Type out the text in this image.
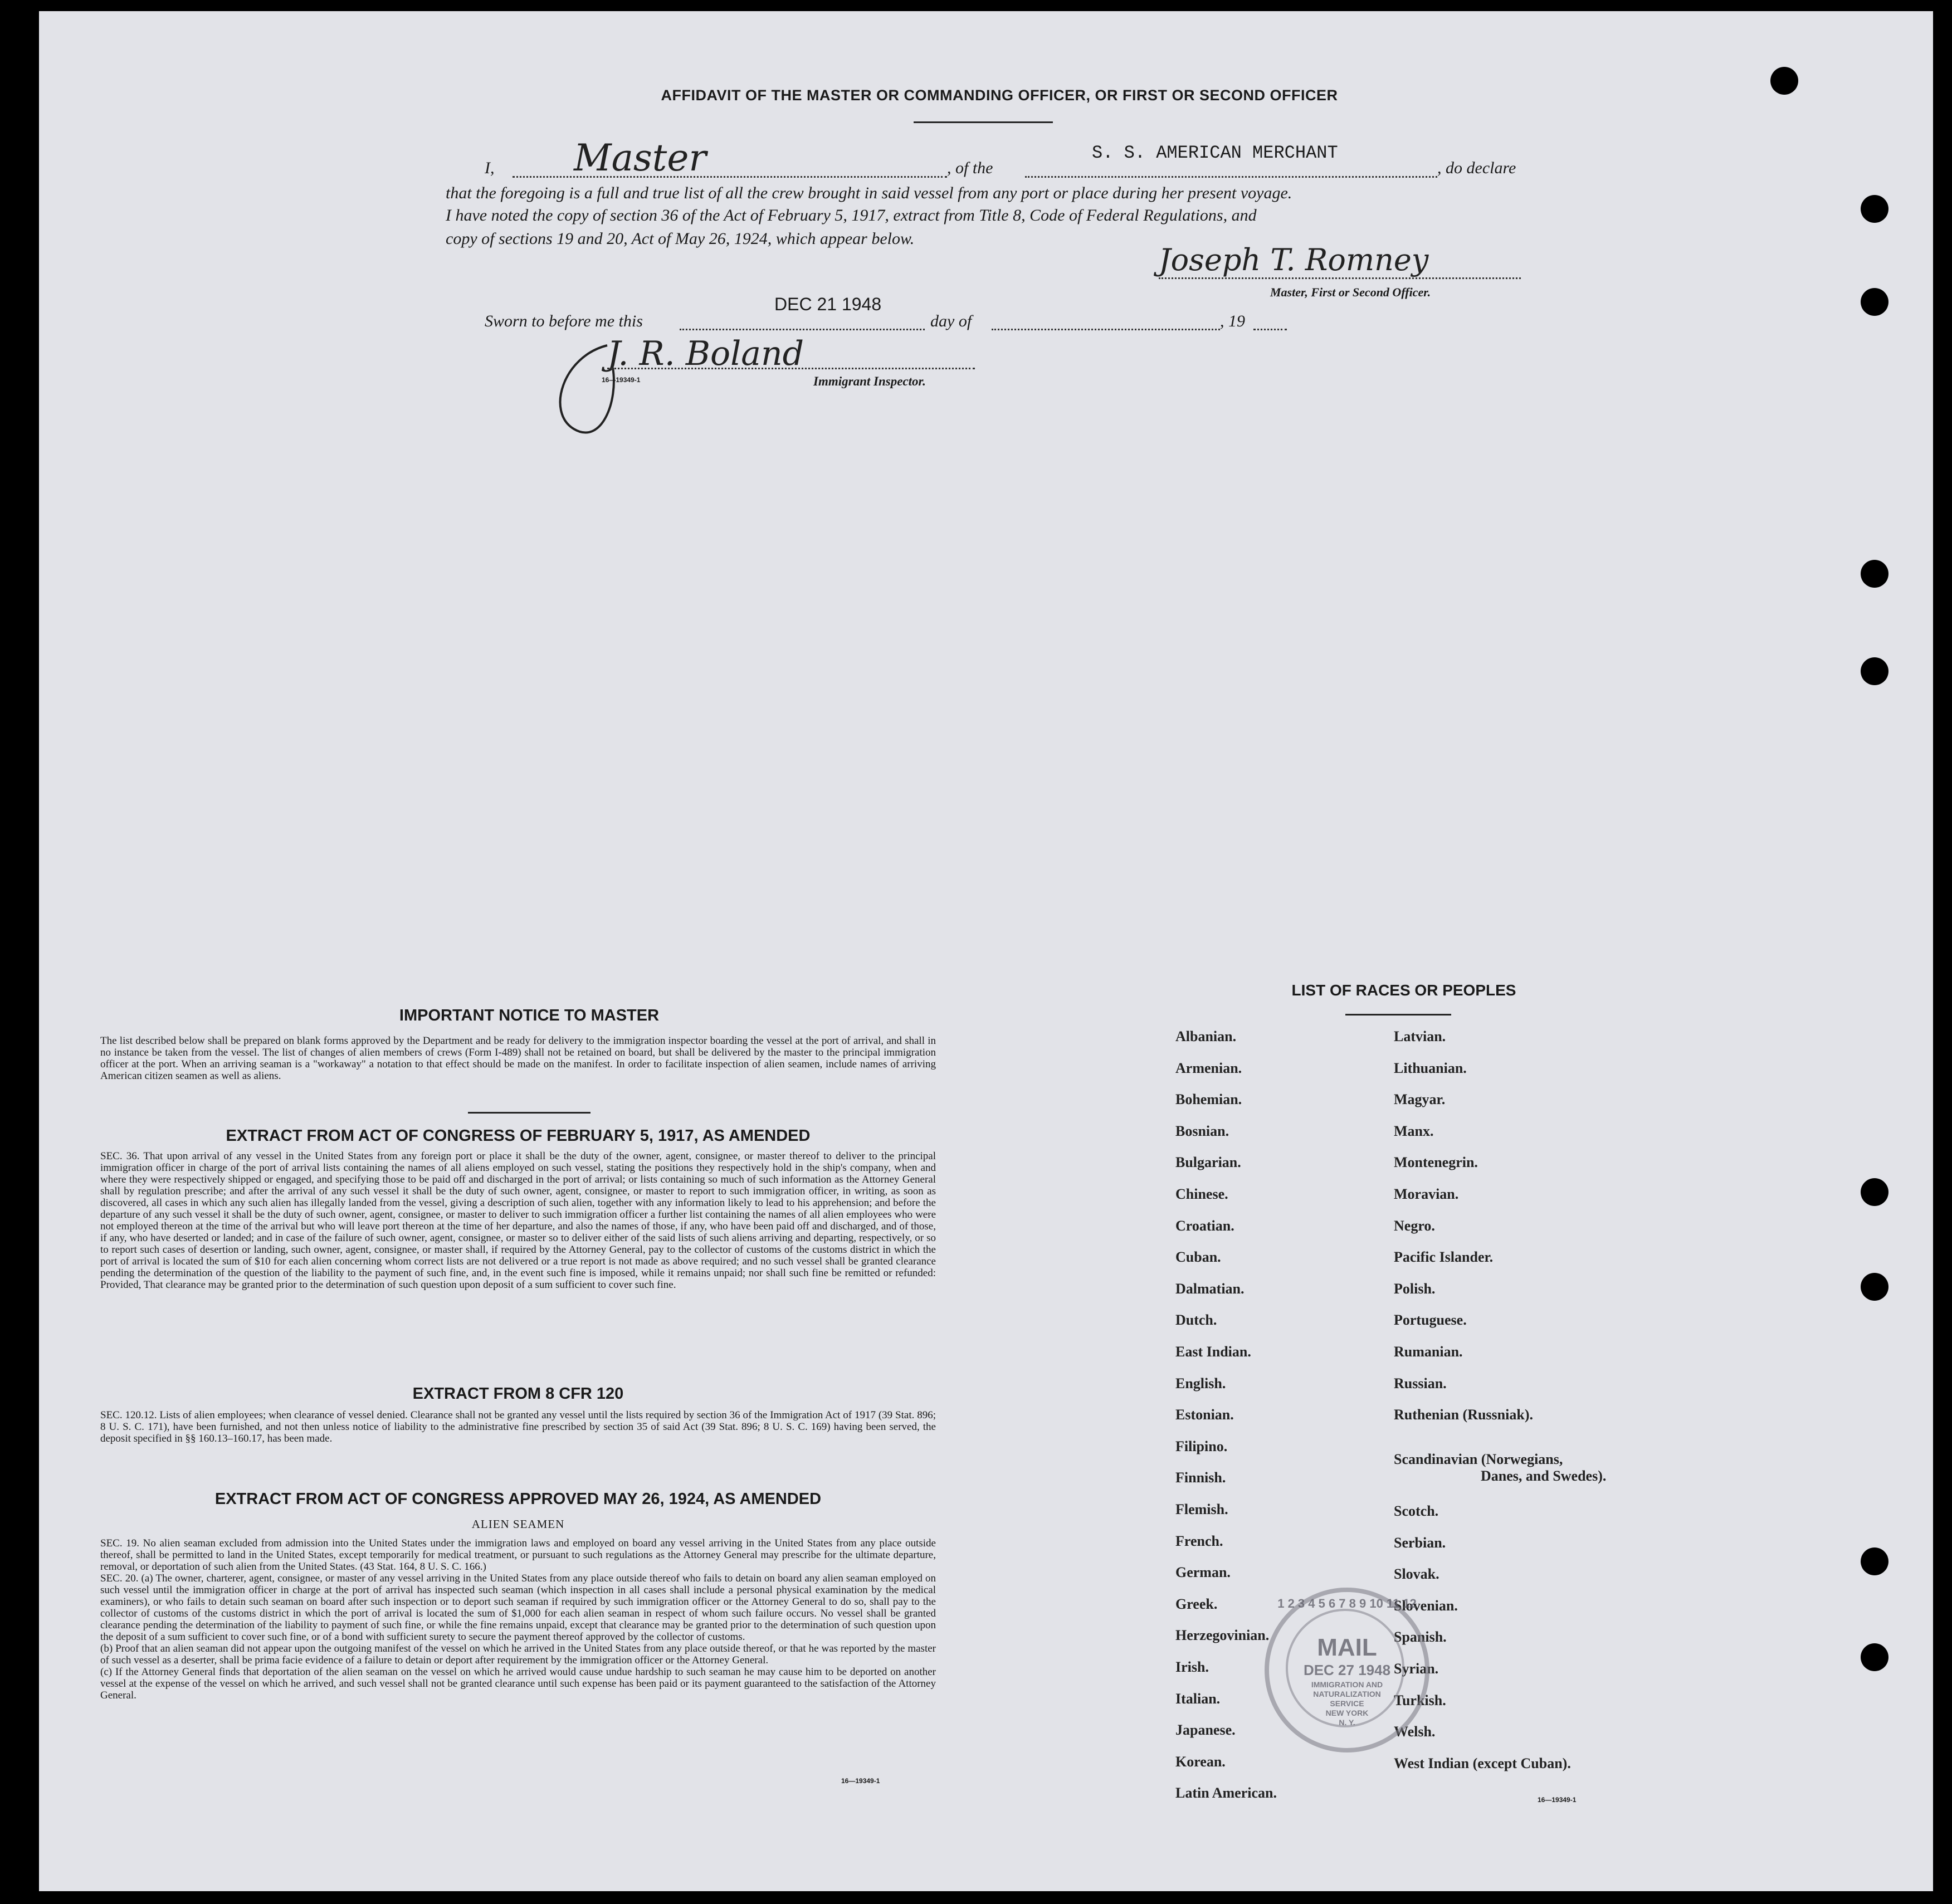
AFFIDAVIT OF THE MASTER OR COMMANDING OFFICER, OR FIRST OR SECOND OFFICER
I, Master	, of the
S. S. AMERICAN MERCHANT
, do declare
that the foregoing is a full and true list of all the crew brought in said vessel from any port or place during her present voyage.
I have noted the copy of section 36 of the Act of February 5, 1917, extract from Title 8, Code of Federal Regulations, and
copy of sections 19 and 20, Act of May 26, 1924, which appear below.
Joseph T. Romney
Master, First or Second Officer.
Sworn to before me this
DEC 21 1948
day of	, 19
J. R. Boland
16—19349-1	Immigrant Inspector.
IMPORTANT NOTICE TO MASTER

The list described below shall be prepared on blank forms approved by the Department and be ready for delivery to the immigration inspector boarding the vessel at the port of arrival, and shall in no instance be taken from the vessel. The list of changes of alien members of crews (Form I-489) shall not be retained on board, but shall be delivered by the master to the principal immigration officer at the port. When an arriving seaman is a "workaway" a notation to that effect should be made on the manifest. In order to facilitate inspection of alien seamen, include names of arriving American citizen seamen as well as aliens.

EXTRACT FROM ACT OF CONGRESS OF FEBRUARY 5, 1917, AS AMENDED

SEC. 36. That upon arrival of any vessel in the United States from any foreign port or place it shall be the duty of the owner, agent, consignee, or master thereof to deliver to the principal immigration officer in charge of the port of arrival lists containing the names of all aliens employed on such vessel, stating the positions they respectively hold in the ship's company, when and where they were respectively shipped or engaged, and specifying those to be paid off and discharged in the port of arrival; or lists containing so much of such information as the Attorney General shall by regulation prescribe; and after the arrival of any such vessel it shall be the duty of such owner, agent, consignee, or master to report to such immigration officer, in writing, as soon as discovered, all cases in which any such alien has illegally landed from the vessel, giving a description of such alien, together with any information likely to lead to his apprehension; and before the departure of any such vessel it shall be the duty of such owner, agent, consignee, or master to deliver to such immigration officer a further list containing the names of all alien employees who were not employed thereon at the time of the arrival but who will leave port thereon at the time of her departure, and also the names of those, if any, who have been paid off and discharged, and of those, if any, who have deserted or landed; and in case of the failure of such owner, agent, consignee, or master so to deliver either of the said lists of such aliens arriving and departing, respectively, or so to report such cases of desertion or landing, such owner, agent, consignee, or master shall, if required by the Attorney General, pay to the collector of customs of the customs district in which the port of arrival is located the sum of $10 for each alien concerning whom correct lists are not delivered or a true report is not made as above required; and no such vessel shall be granted clearance pending the determination of the question of the liability to the payment of such fine, and, in the event such fine is imposed, while it remains unpaid; nor shall such fine be remitted or refunded: Provided, That clearance may be granted prior to the determination of such question upon deposit of a sum sufficient to cover such fine.

EXTRACT FROM 8 CFR 120

SEC. 120.12. Lists of alien employees; when clearance of vessel denied. Clearance shall not be granted any vessel until the lists required by section 36 of the Immigration Act of 1917 (39 Stat. 896; 8 U. S. C. 171), have been furnished, and not then unless notice of liability to the administrative fine prescribed by section 35 of said Act (39 Stat. 896; 8 U. S. C. 169) having been served, the deposit specified in §§ 160.13–160.17, has been made.

EXTRACT FROM ACT OF CONGRESS APPROVED MAY 26, 1924, AS AMENDED
ALIEN SEAMEN

SEC. 19. No alien seaman excluded from admission into the United States under the immigration laws and employed on board any vessel arriving in the United States from any place outside thereof, shall be permitted to land in the United States, except temporarily for medical treatment, or pursuant to such regulations as the Attorney General may prescribe for the ultimate departure, removal, or deportation of such alien from the United States. (43 Stat. 164, 8 U. S. C. 166.)

SEC. 20. (a) The owner, charterer, agent, consignee, or master of any vessel arriving in the United States from any place outside thereof who fails to detain on board any alien seaman employed on such vessel until the immigration officer in charge at the port of arrival has inspected such seaman (which inspection in all cases shall include a personal physical examination by the medical examiners), or who fails to detain such seaman on board after such inspection or to deport such seaman if required by such immigration officer or the Attorney General to do so, shall pay to the collector of customs of the customs district in which the port of arrival is located the sum of $1,000 for each alien seaman in respect of whom such failure occurs. No vessel shall be granted clearance pending the determination of the liability to payment of such fine, or while the fine remains unpaid, except that clearance may be granted prior to the determination of such question upon the deposit of a sum sufficient to cover such fine, or of a bond with sufficient surety to secure the payment thereof approved by the collector of customs.

(b) Proof that an alien seaman did not appear upon the outgoing manifest of the vessel on which he arrived in the United States from any place outside thereof, or that he was reported by the master of such vessel as a deserter, shall be prima facie evidence of a failure to detain or deport after requirement by the immigration officer or the Attorney General.

(c) If the Attorney General finds that deportation of the alien seaman on the vessel on which he arrived would cause undue hardship to such seaman he may cause him to be deported on another vessel at the expense of the vessel on which he arrived, and such vessel shall not be granted clearance until such expense has been paid or its payment guaranteed to the satisfaction of the Attorney General.

16—19349-1
LIST OF RACES OR PEOPLES
Albanian.
Armenian.
Bohemian.
Bosnian.
Bulgarian.
Chinese.
Croatian.
Cuban.
Dalmatian.
Dutch.
East Indian.
English.
Estonian.
Filipino.
Finnish.
Flemish.
French.
German.
Greek.
Herzegovinian.
Irish.
Italian.
Japanese.
Korean.
Latin American.
Latvian.
Lithuanian.
Magyar.
Manx.
Montenegrin.
Moravian.
Negro.
Pacific Islander.
Polish.
Portuguese.
Rumanian.
Russian.
Ruthenian (Russniak).
Scandinavian (Norwegians,
Danes, and Swedes).
Scotch.
Serbian.
Slovak.
Slovenian.
Spanish.
Syrian.
Turkish.
Welsh.
West Indian (except Cuban).
16—19349-1
1 2 3 4 5 6 7 8 9 10 11 12
MAIL
DEC 27 1948
IMMIGRATION AND
NATURALIZATION
SERVICE
NEW YORK
N. Y.
